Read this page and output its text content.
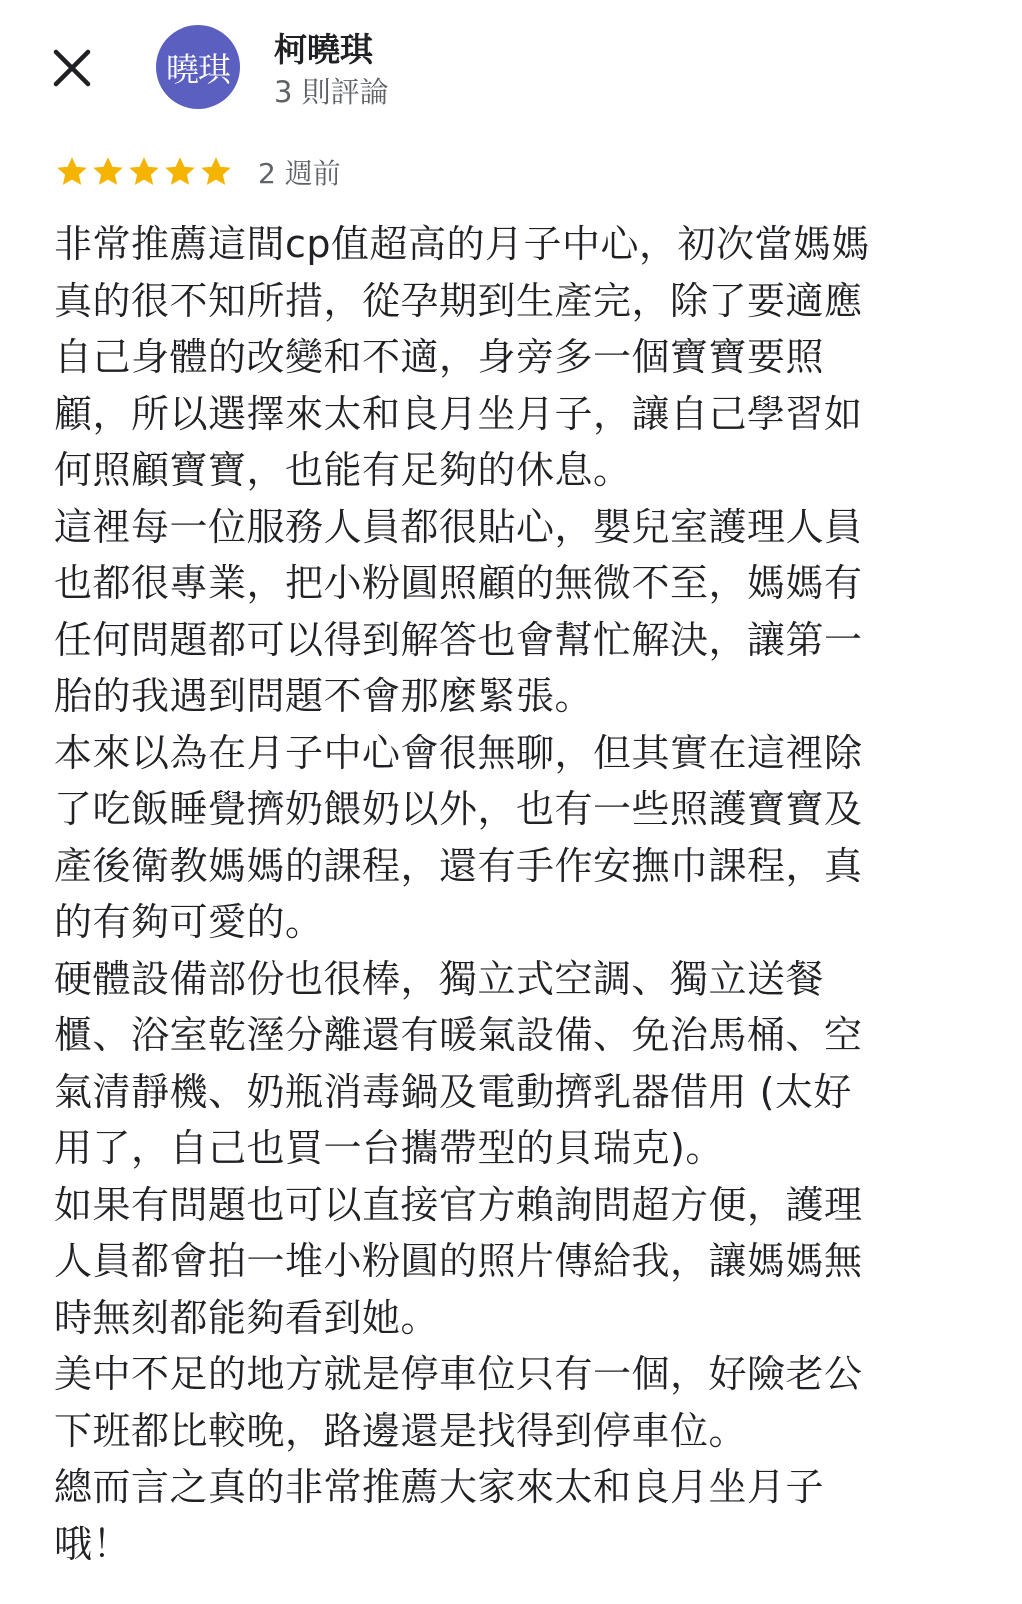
曉琪 柯曉琪
3 則評論
2 週前
非常推薦這間cp值超高的月子中心，初次當媽媽
真的很不知所措，從孕期到生產完，除了要適應
自己身體的改變和不適，身旁多一個寶寶要照
顧，所以選擇來太和良月坐月子，讓自己學習如
何照顧寶寶，也能有足夠的休息。
這裡每一位服務人員都很貼心，嬰兒室護理人員
也都很專業，把小粉圓照顧的無微不至，媽媽有
任何問題都可以得到解答也會幫忙解決，讓第一
胎的我遇到問題不會那麼緊張。
本來以為在月子中心會很無聊，但其實在這裡除
了吃飯睡覺擠奶餵奶以外，也有一些照護寶寶及
產後衛教媽媽的課程，還有手作安撫巾課程，真
的有夠可愛的。
硬體設備部份也很棒，獨立式空調、獨立送餐
櫃、浴室乾溼分離還有暖氣設備、免治馬桶、空
氣清靜機、奶瓶消毒鍋及電動擠乳器借用 (太好
用了，自己也買一台攜帶型的貝瑞克)。
如果有問題也可以直接官方賴詢問超方便，護理
人員都會拍一堆小粉圓的照片傳給我，讓媽媽無
時無刻都能夠看到她。
美中不足的地方就是停車位只有一個，好險老公
下班都比較晚，路邊還是找得到停車位。
總而言之真的非常推薦大家來太和良月坐月子
哦！
